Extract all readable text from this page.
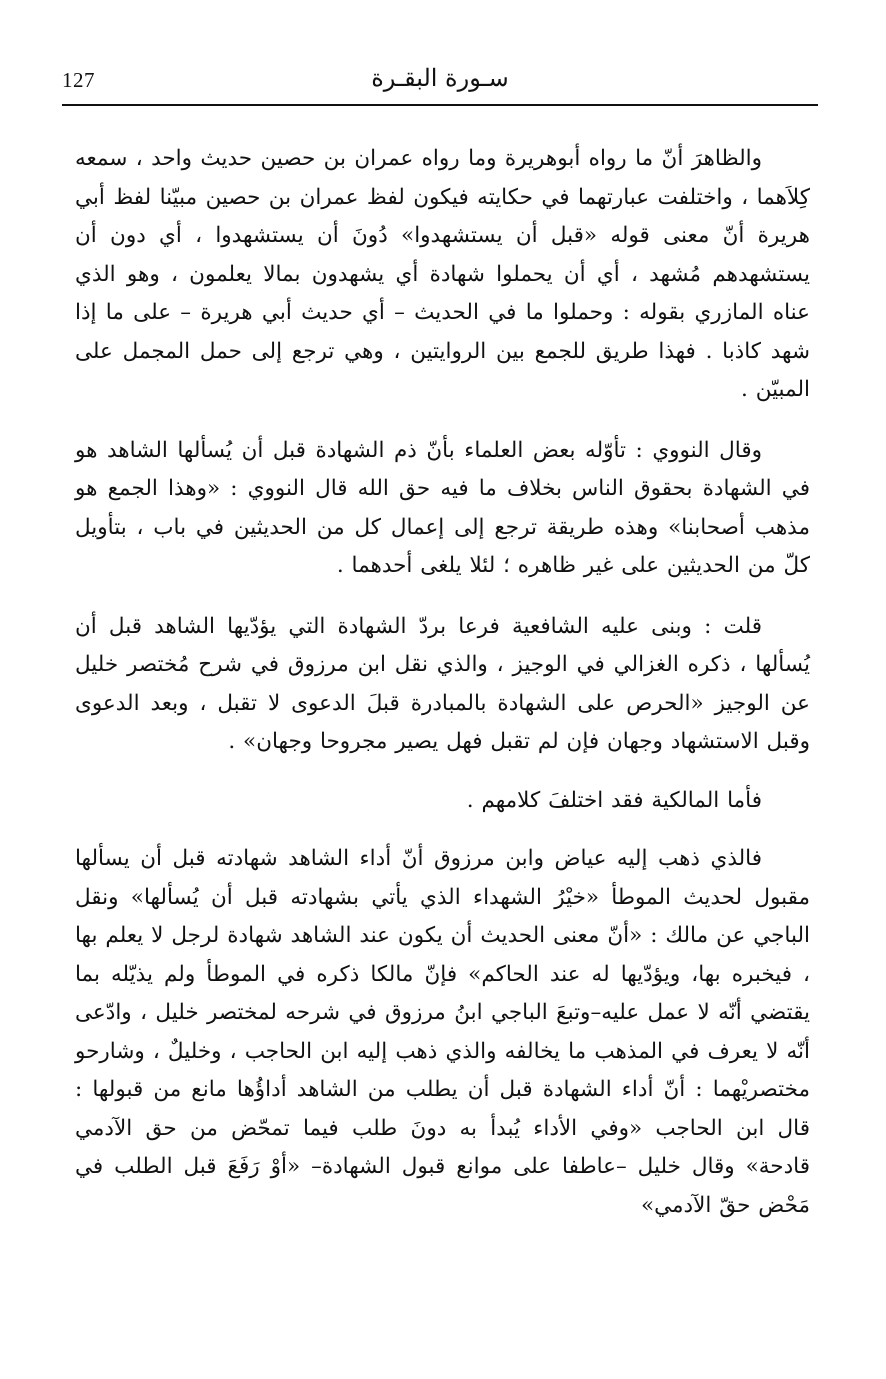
127	سـورة البقـرة

والظاهرَ أنّ ما رواه أبوهريرة وما رواه عمران بن حصين حديث واحد ، سمعه كِلاَهما ، واختلفت عبارتهما في حكايته فيكون لفظ عمران بن حصين مبيّنا لفظ أبي هريرة أنّ معنى قوله «قبل أن يستشهدوا» دُونَ أن يستشهدوا ، أي دون أن يستشهدهم مُشهد ، أي أن يحملوا شهادة أي يشهدون بمالا يعلمون ، وهو الذي عناه المازري بقوله : وحملوا ما في الحديث – أي حديث أبي هريرة – على ما إذا شهد كاذبا . فهذا طريق للجمع بين الروايتين ، وهي ترجع إلى حمل المجمل على المبيّن .

وقال النووي : تأوّله بعض العلماء بأنّ ذم الشهادة قبل أن يُسألها الشاهد هو في الشهادة بحقوق الناس بخلاف ما فيه حق الله قال النووي : «وهذا الجمع هو مذهب أصحابنا» وهذه طريقة ترجع إلى إعمال كل من الحديثين في باب ، بتأويل كلّ من الحديثين على غير ظاهره ؛ لئلا يلغى أحدهما .

قلت : وبنى عليه الشافعية فرعا بردّ الشهادة التي يؤدّيها الشاهد قبل أن يُسألها ، ذكره الغزالي في الوجيز ، والذي نقل ابن مرزوق في شرح مُختصر خليل عن الوجيز «الحرص على الشهادة بالمبادرة قبلَ الدعوى لا تقبل ، وبعد الدعوى وقبل الاستشهاد وجهان فإن لم تقبل فهل يصير مجروحا وجهان» .

فأما المالكية فقد اختلفَ كلامهم .

فالذي ذهب إليه عياض وابن مرزوق أنّ أداء الشاهد شهادته قبل أن يسألها مقبول لحديث الموطأ «خيْرُ الشهداء الذي يأتي بشهادته قبل أن يُسألها» ونقل الباجي عن مالك : «أنّ معنى الحديث أن يكون عند الشاهد شهادة لرجل لا يعلم بها ، فيخبره بها، ويؤدّيها له عند الحاكم» فإنّ مالكا ذكره في الموطأ ولم يذيّله بما يقتضي أنّه لا عمل عليه–وتبعَ الباجي ابنُ مرزوق في شرحه لمختصر خليل ، وادّعى أنّه لا يعرف في المذهب ما يخالفه والذي ذهب إليه ابن الحاجب ، وخليلٌ ، وشارحو مختصريْهما : أنّ أداء الشهادة قبل أن يطلب من الشاهد أداؤُها مانع من قبولها : قال ابن الحاجب «وفي الأداء يُبدأ به دونَ طلب فيما تمحّض من حق الآدمي قادحة» وقال خليل –عاطفا على موانع قبول الشهادة– «أوْ رَفَعَ قبل الطلب في مَحْض حقّ الآدمي»
